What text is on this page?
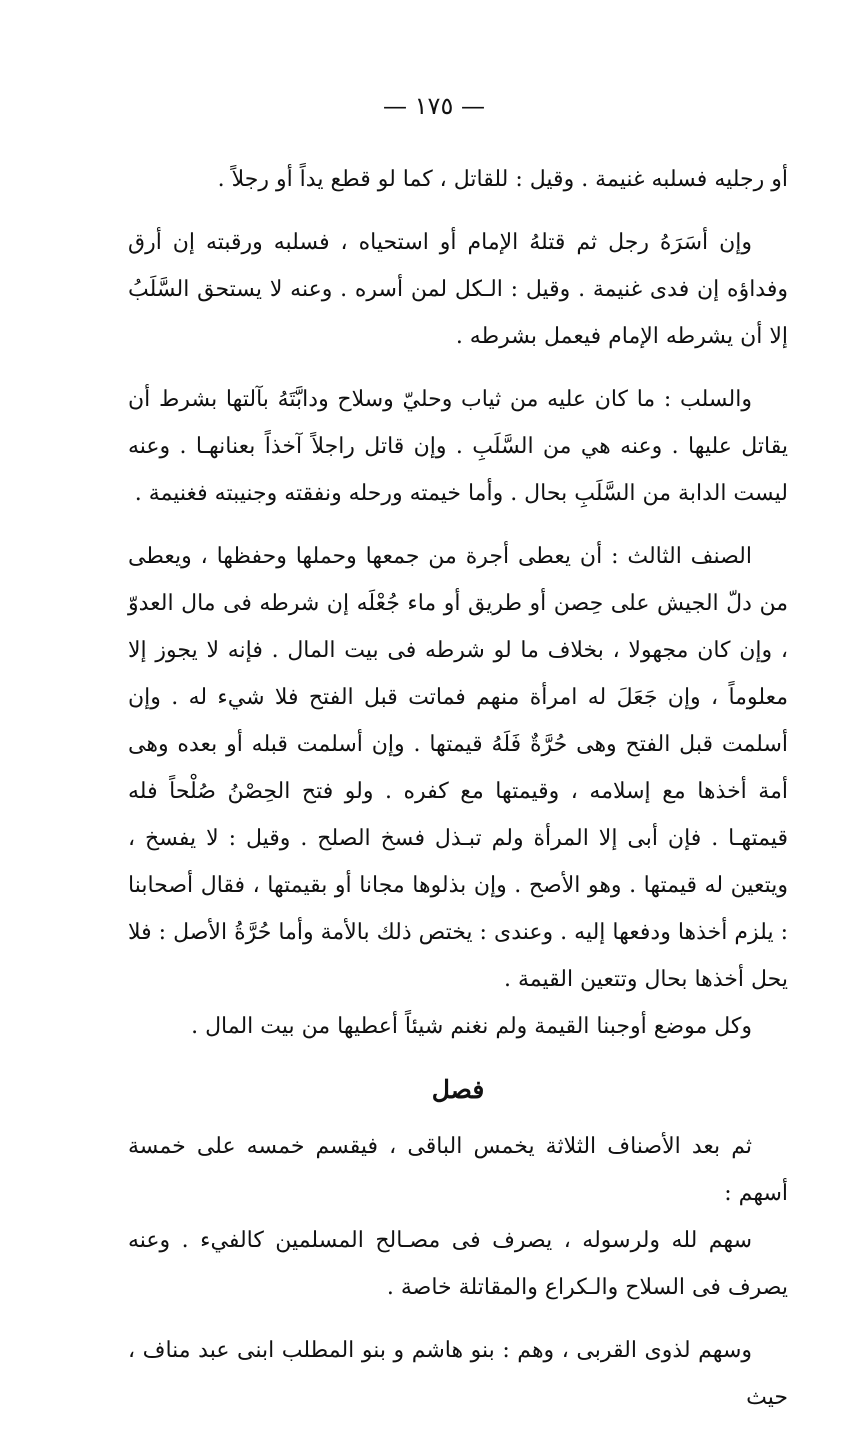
— ١٧٥ —

أو رجليه فسلبه غنيمة . وقيل : للقاتل ، كما لو قطع يداً أو رجلاً .

وإن أسَرَهُ رجل ثم قتلهُ الإمام أو استحياه ، فسلبه ورقبته إن أرق وفداؤه إن فدى غنيمة . وقيل : الـكل لمن أسره . وعنه لا يستحق السَّلَبُ إلا أن يشرطه الإمام فيعمل بشرطه .

والسلب : ما كان عليه من ثياب وحليّ وسلاح ودابَّتَهُ بآلتها بشرط أن يقاتل عليها . وعنه هي من السَّلَبِ . وإن قاتل راجلاً آخذاً بعنانهـا . وعنه ليست الدابة من السَّلَبِ بحال . وأما خيمته ورحله ونفقته وجنيبته فغنيمة .

الصنف الثالث : أن يعطى أجرة من جمعها وحملها وحفظها ، ويعطى من دلّ الجيش على حِصن أو طريق أو ماء جُعْلَه إن شرطه فى مال العدوّ ، وإن كان مجهولا ، بخلاف ما لو شرطه فى بيت المال . فإنه لا يجوز إلا معلوماً ، وإن جَعَلَ له امرأة منهم فماتت قبل الفتح فلا شيء له . وإن أسلمت قبل الفتح وهى حُرَّةٌ فَلَهُ قيمتها . وإن أسلمت قبله أو بعده وهى أمة أخذها مع إسلامه ، وقيمتها مع كفره . ولو فتح الحِصْنُ صُلْحاً فله قيمتهـا . فإن أبى إلا المرأة ولم تبـذل فسخ الصلح . وقيل : لا يفسخ ، ويتعين له قيمتها . وهو الأصح . وإن بذلوها مجانا أو بقيمتها ، فقال أصحابنا : يلزم أخذها ودفعها إليه . وعندى : يختص ذلك بالأمة وأما حُرَّةُ الأصل : فلا يحل أخذها بحال وتتعين القيمة .

وكل موضع أوجبنا القيمة ولم نغنم شيئاً أعطيها من بيت المال .

فصل

ثم بعد الأصناف الثلاثة يخمس الباقى ، فيقسم خمسه على خمسة أسهم :

سهم لله ولرسوله ، يصرف فى مصـالح المسلمين كالفيء . وعنه يصرف فى السلاح والـكراع والمقاتلة خاصة .

وسهم لذوى القربى ، وهم : بنو هاشم و بنو المطلب ابنى عبد مناف ، حيث
